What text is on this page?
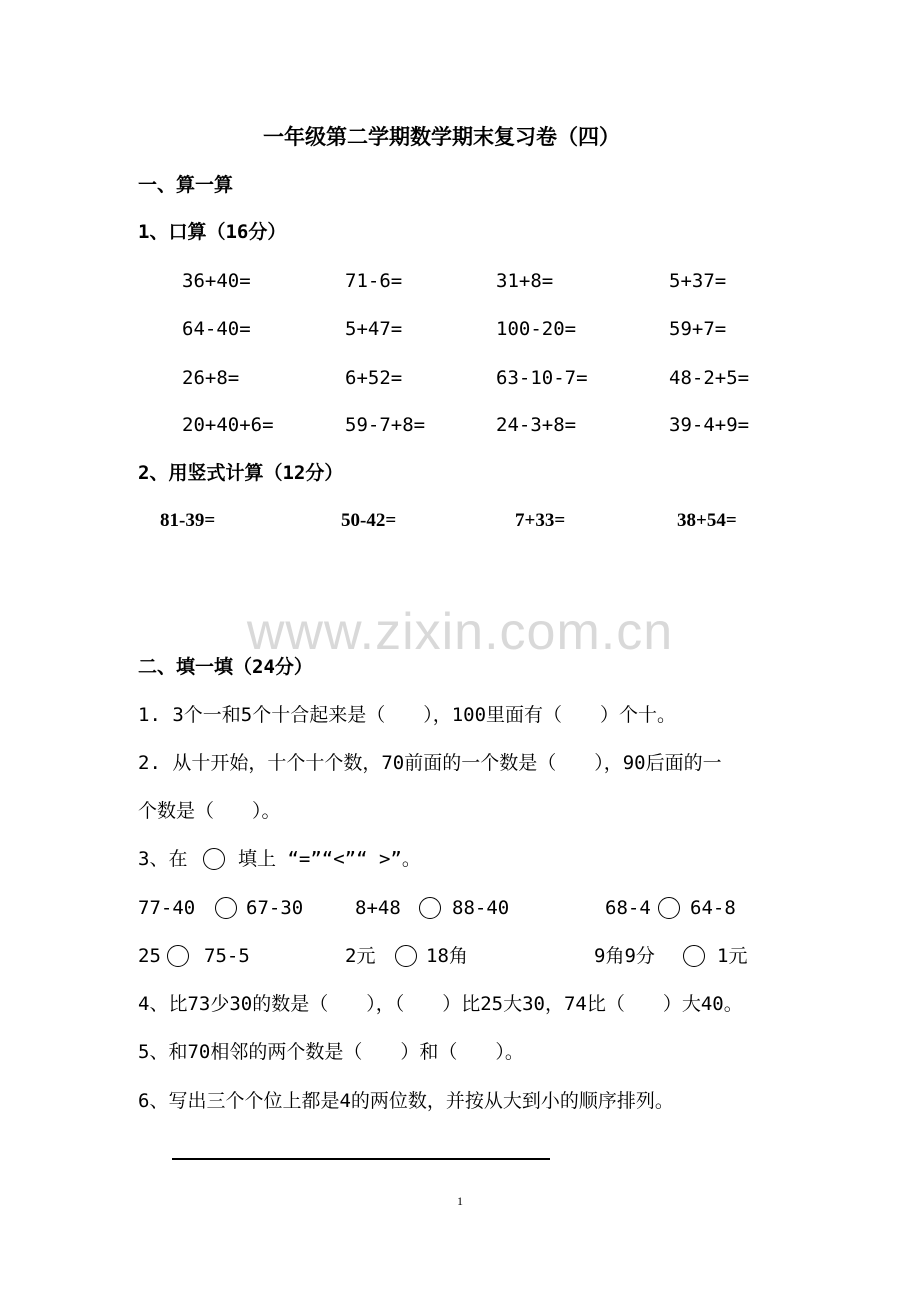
一年级第二学期数学期末复习卷（四）
一、算一算
1、口算（16分）
36+40=	71-6=	31+8=	5+37=
64-40=	5+47=	100-20=	59+7=
26+8=	6+52=	63-10-7=	48-2+5=
20+40+6=	59-7+8=	24-3+8=	39-4+9=
2、用竖式计算（12分）
81-39=	50-42=	7+33=	38+54=
www.zixin.com.cn
二、填一填（24分）
1. 3个一和5个十合起来是（　　），100里面有（　　）个十。
2. 从十开始，十个十个数，70前面的一个数是（　　），90后面的一
个数是（　　）。
3、在	填上 “=”“<”“ >”。
77-40	67-30	8+48	88-40	68-4 64-8
25 75-5	2元	18角	9角9分	1元
4、比73少30的数是（　　），（　　）比25大30，74比（　　）大40。
5、和70相邻的两个数是（　　）和（　　）。
6、写出三个个位上都是4的两位数，并按从大到小的顺序排列。
1
